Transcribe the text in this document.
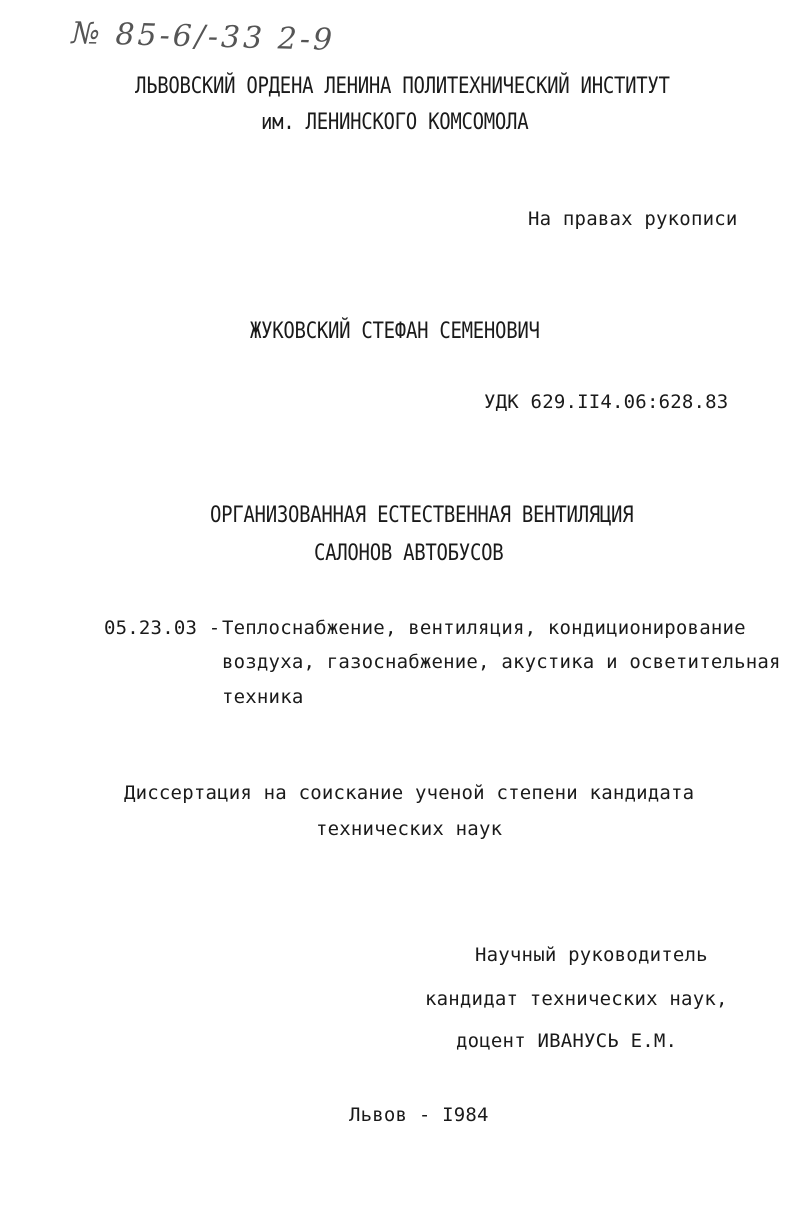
№ 85-6/-33 2-9
ЛЬВОВСКИЙ ОРДЕНА ЛЕНИНА ПОЛИТЕХНИЧЕСКИЙ ИНСТИТУТ
им. ЛЕНИНСКОГО КОМСОМОЛА
На правах рукописи
ЖУКОВСКИЙ СТЕФАН СЕМЕНОВИЧ
УДК 629.II4.06:628.83
ОРГАНИЗОВАННАЯ ЕСТЕСТВЕННАЯ ВЕНТИЛЯЦИЯ
САЛОНОВ АВТОБУСОВ
05.23.03 - Теплоснабжение, вентиляция, кондиционирование
воздуха, газоснабжение, акустика и осветительная
техника
Диссертация на соискание ученой степени кандидата
технических наук
Научный руководитель
кандидат технических наук,
доцент ИВАНУСЬ Е.М.
Львов - I984
